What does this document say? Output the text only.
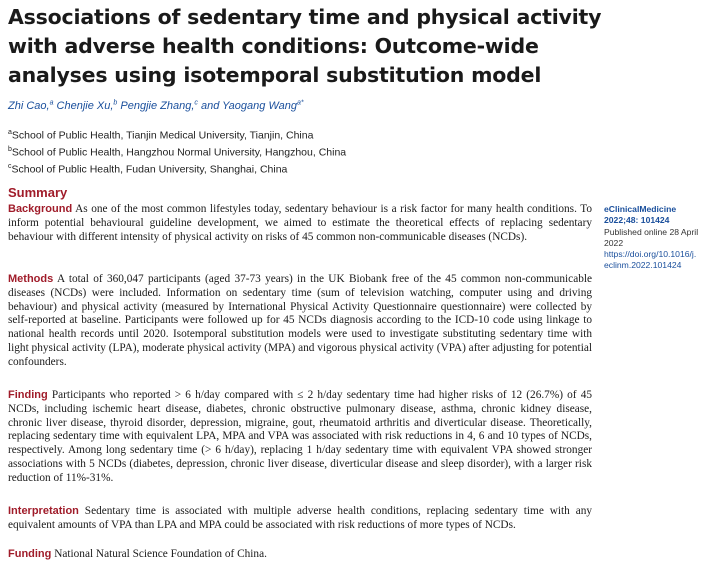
Associations of sedentary time and physical activity
with adverse health conditions: Outcome-wide
analyses using isotemporal substitution model
Zhi Cao,$^a$ Chenjie Xu,$^b$ Pengjie Zhang,$^c$ and Yaogang Wang$^{a*}$
$^a$School of Public Health, Tianjin Medical University, Tianjin, China
$^b$School of Public Health, Hangzhou Normal University, Hangzhou, China
$^c$School of Public Health, Fudan University, Shanghai, China
Summary

Background As one of the most common lifestyles today, sedentary behaviour is a risk factor for many health conditions. To inform potential behavioural guideline development, we aimed to estimate the theoretical effects of replacing sedentary behaviour with different intensity of physical activity on risks of 45 common non-communicable diseases (NCDs).

Methods A total of 360,047 participants (aged 37-73 years) in the UK Biobank free of the 45 common non-communicable diseases (NCDs) were included. Information on sedentary time (sum of television watching, computer using and driving behaviour) and physical activity (measured by International Physical Activity Questionnaire questionnaire) were collected by self-reported at baseline. Participants were followed up for 45 NCDs diagnosis according to the ICD-10 code using linkage to national health records until 2020. Isotemporal substitution models were used to investigate substituting sedentary time with light physical activity (LPA), moderate physical activity (MPA) and vigorous physical activity (VPA) after adjusting for potential confounders.

Finding Participants who reported > 6 h/day compared with ≤ 2 h/day sedentary time had higher risks of 12 (26.7%) of 45 NCDs, including ischemic heart disease, diabetes, chronic obstructive pulmonary disease, asthma, chronic kidney disease, chronic liver disease, thyroid disorder, depression, migraine, gout, rheumatoid arthritis and diverticular disease. Theoretically, replacing sedentary time with equivalent LPA, MPA and VPA was associated with risk reductions in 4, 6 and 10 types of NCDs, respectively. Among long sedentary time (> 6 h/day), replacing 1 h/day sedentary time with equivalent VPA showed stronger associations with 5 NCDs (diabetes, depression, chronic liver disease, diverticular disease and sleep disorder), with a larger risk reduction of 11%-31%.

Interpretation Sedentary time is associated with multiple adverse health conditions, replacing sedentary time with any equivalent amounts of VPA than LPA and MPA could be associated with risk reductions of more types of NCDs.

Funding National Natural Science Foundation of China.

eClinicalMedicine
2022;48: 101424
Published online 28 April 2022
https://doi.org/10.1016/j.
eclinm.2022.101424
